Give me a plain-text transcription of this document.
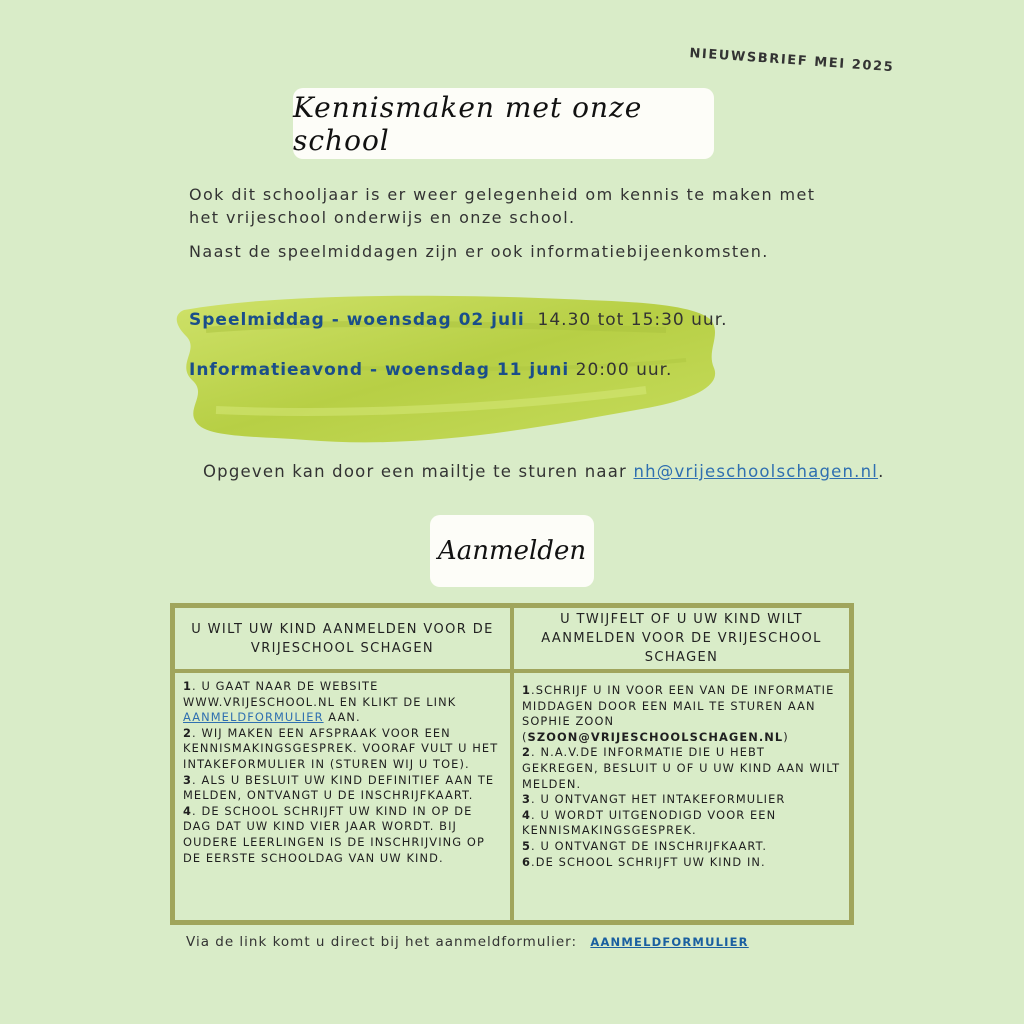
NIEUWSBRIEF MEI 2025
Kennismaken met onze school

Ook dit schooljaar is er weer gelegenheid om kennis te maken met het vrijeschool onderwijs en onze school.

Naast de speelmiddagen zijn er ook informatiebijeenkomsten.

Speelmiddag - woensdag 02 juli 14.30 tot 15:30 uur.
Informatieavond - woensdag 11 juni 20:00 uur.
Opgeven kan door een mailtje te sturen naar nh@vrijeschoolschagen.nl.
Aanmelden
U WILT UW KIND AANMELDEN VOOR DE VRIJESCHOOL SCHAGEN
U TWIJFELT OF U UW KIND WILT AANMELDEN VOOR DE VRIJESCHOOL SCHAGEN

1. U GAAT NAAR DE WEBSITE WWW.VRIJESCHOOL.NL EN KLIKT DE LINK AANMELDFORMULIER AAN.

2. WIJ MAKEN EEN AFSPRAAK VOOR EEN KENNISMAKINGSGESPREK. VOORAF VULT U HET INTAKEFORMULIER IN (STUREN WIJ U TOE).

3. ALS U BESLUIT UW KIND DEFINITIEF AAN TE MELDEN, ONTVANGT U DE INSCHRIJFKAART.

4. DE SCHOOL SCHRIJFT UW KIND IN OP DE DAG DAT UW KIND VIER JAAR WORDT. BIJ OUDERE LEERLINGEN IS DE INSCHRIJVING OP DE EERSTE SCHOOLDAG VAN UW KIND.

1.SCHRIJF U IN VOOR EEN VAN DE INFORMATIE MIDDAGEN DOOR EEN MAIL TE STUREN AAN SOPHIE ZOON (SZOON@VRIJESCHOOLSCHAGEN.NL)

2. N.A.V.DE INFORMATIE DIE U HEBT GEKREGEN, BESLUIT U OF U UW KIND AAN WILT MELDEN.

3. U ONTVANGT HET INTAKEFORMULIER

4. U WORDT UITGENODIGD VOOR EEN KENNISMAKINGSGESPREK.

5. U ONTVANGT DE INSCHRIJFKAART.

6.DE SCHOOL SCHRIJFT UW KIND IN.

Via de link komt u direct bij het aanmeldformulier: AANMELDFORMULIER
